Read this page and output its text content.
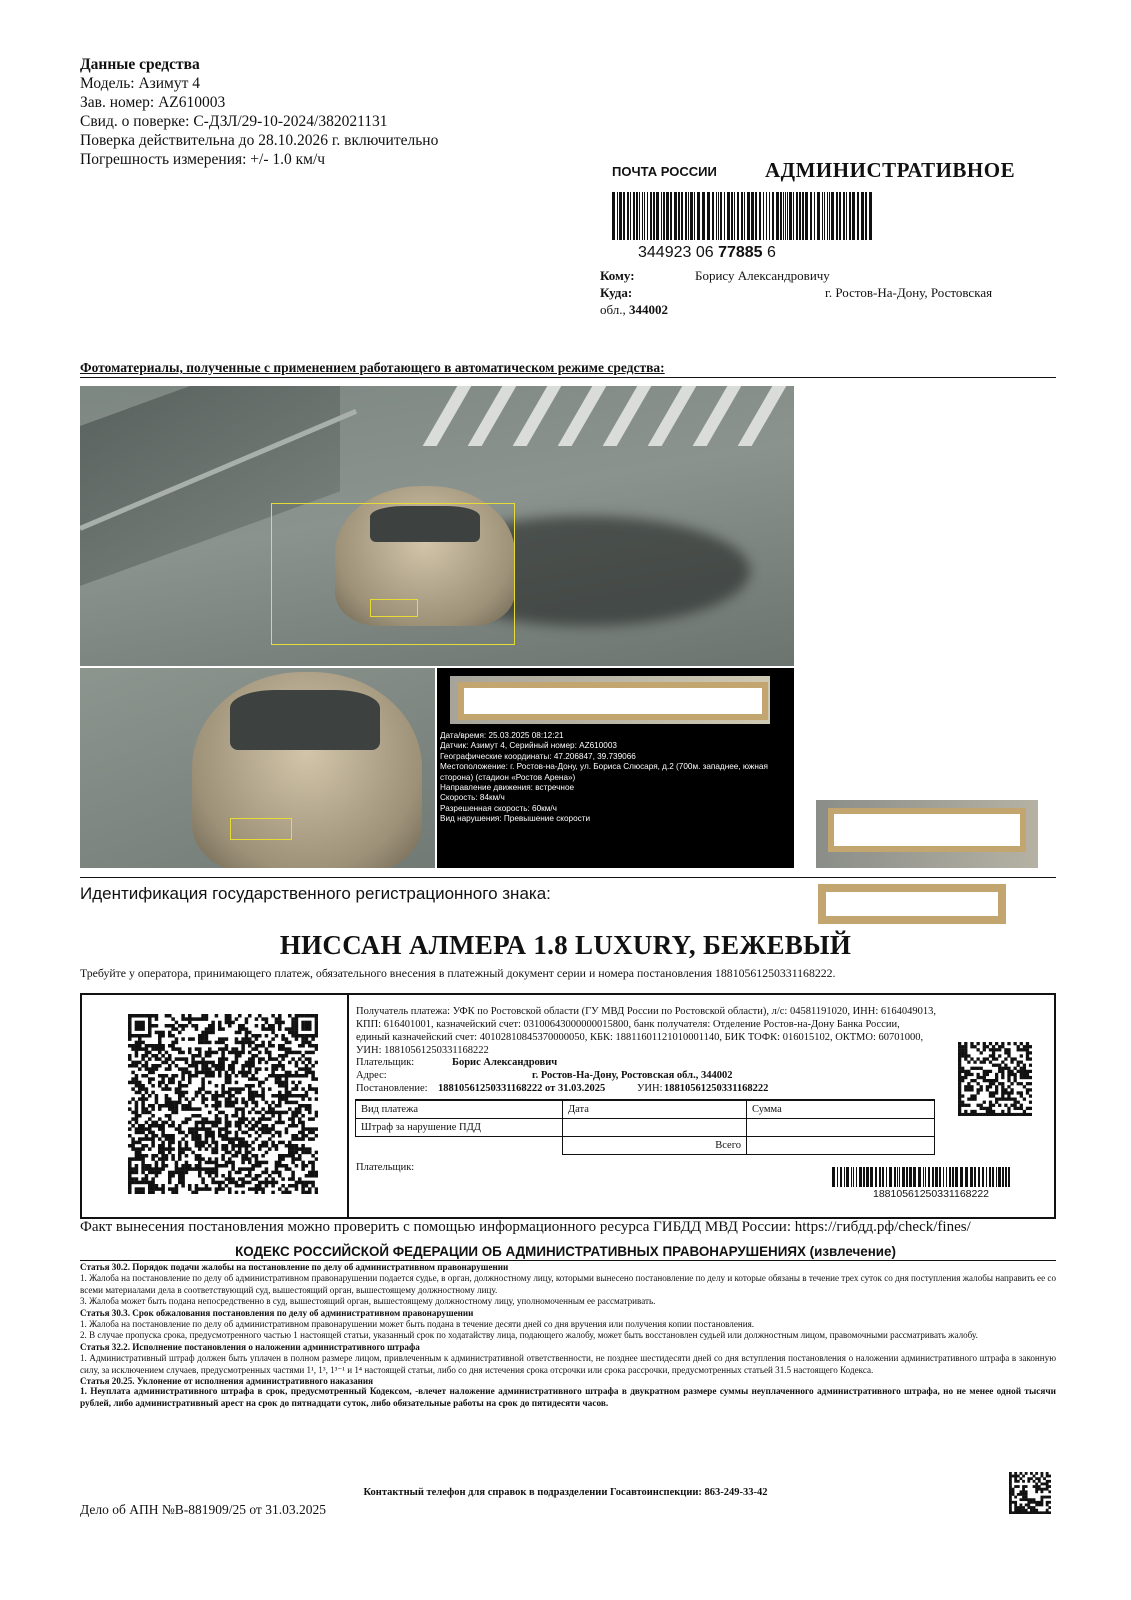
Данные средства
Модель: Азимут 4
Зав. номер: AZ610003
Свид. о поверке: С-ДЗЛ/29-10-2024/382021131
Поверка действительна до 28.10.2026 г. включительно
Погрешность измерения: +/- 1.0 км/ч
ПОЧТА РОССИИ АДМИНИСТРАТИВНОЕ
344923 06 77885 6
Кому:	Борису Александровичу
Куда:	г. Ростов-На-Дону, Ростовская
обл., 344002
Фотоматериалы, полученные с применением работающего в автоматическом режиме средства:
Дата/время: 25.03.2025 08:12:21
Датчик: Азимут 4, Серийный номер: AZ610003
Географические координаты: 47.206847, 39.739066
Местоположение: г. Ростов-на-Дону, ул. Бориса Слюсаря, д.2 (700м. западнее, южная сторона) (стадион «Ростов Арена»)
Направление движения: встречное
Скорость: 84км/ч
Разрешенная скорость: 60км/ч
Вид нарушения: Превышение скорости
Идентификация государственного регистрационного знака:
НИССАН АЛМЕРА 1.8 LUXURY, БЕЖЕВЫЙ
Требуйте у оператора, принимающего платеж, обязательного внесения в платежный документ серии и номера постановления 18810561250331168222.
Получатель платежа: УФК по Ростовской области (ГУ МВД России по Ростовской области), л/с: 04581191020, ИНН: 6164049013, КПП: 616401001, казначейский счет: 03100643000000015800, банк получателя: Отделение Ростов-на-Дону Банка России, единый казначейский счет: 40102810845370000050, КБК: 18811601121010001140, БИК ТОФК: 016015102, ОКТМО: 60701000, УИН: 18810561250331168222
Плательщик:	Борис Александрович
Адрес:	г. Ростов-На-Дону, Ростовская обл., 344002
Постановление: 18810561250331168222 от 31.03.2025	УИН: 18810561250331168222
Вид платежа	Дата	Сумма
Штраф за нарушение ПДД		
	Всего	
Плательщик:
18810561250331168222
Факт вынесения постановления можно проверить с помощью информационного ресурса ГИБДД МВД России: https://гибдд.рф/check/fines/
КОДЕКС РОССИЙСКОЙ ФЕДЕРАЦИИ ОБ АДМИНИСТРАТИВНЫХ ПРАВОНАРУШЕНИЯХ (извлечение)

Статья 30.2. Порядок подачи жалобы на постановление по делу об административном правонарушении

1. Жалоба на постановление по делу об административном правонарушении подается судье, в орган, должностному лицу, которыми вынесено постановление по делу и которые обязаны в течение трех суток со дня поступления жалобы направить ее со всеми материалами дела в соответствующий суд, вышестоящий орган, вышестоящему должностному лицу.

3. Жалоба может быть подана непосредственно в суд, вышестоящий орган, вышестоящему должностному лицу, уполномоченным ее рассматривать.

Статья 30.3. Срок обжалования постановления по делу об административном правонарушении

1. Жалоба на постановление по делу об административном правонарушении может быть подана в течение десяти дней со дня вручения или получения копии постановления.

2. В случае пропуска срока, предусмотренного частью 1 настоящей статьи, указанный срок по ходатайству лица, подающего жалобу, может быть восстановлен судьей или должностным лицом, правомочными рассматривать жалобу.

Статья 32.2. Исполнение постановления о наложении административного штрафа

1. Административный штраф должен быть уплачен в полном размере лицом, привлеченным к административной ответственности, не позднее шестидесяти дней со дня вступления постановления о наложении административного штрафа в законную силу, за исключением случаев, предусмотренных частями 1¹, 1³, 1³⁻¹ и 1⁴ настоящей статьи, либо со дня истечения срока отсрочки или срока рассрочки, предусмотренных статьей 31.5 настоящего Кодекса.

Статья 20.25. Уклонение от исполнения административного наказания

1. Неуплата административного штрафа в срок, предусмотренный Кодексом, -влечет наложение административного штрафа в двукратном размере суммы неуплаченного административного штрафа, но не менее одной тысячи рублей, либо административный арест на срок до пятнадцати суток, либо обязательные работы на срок до пятидесяти часов.

Контактный телефон для справок в подразделении Госавтоинспекции: 863-249-33-42
Дело об АПН №В-881909/25 от 31.03.2025
